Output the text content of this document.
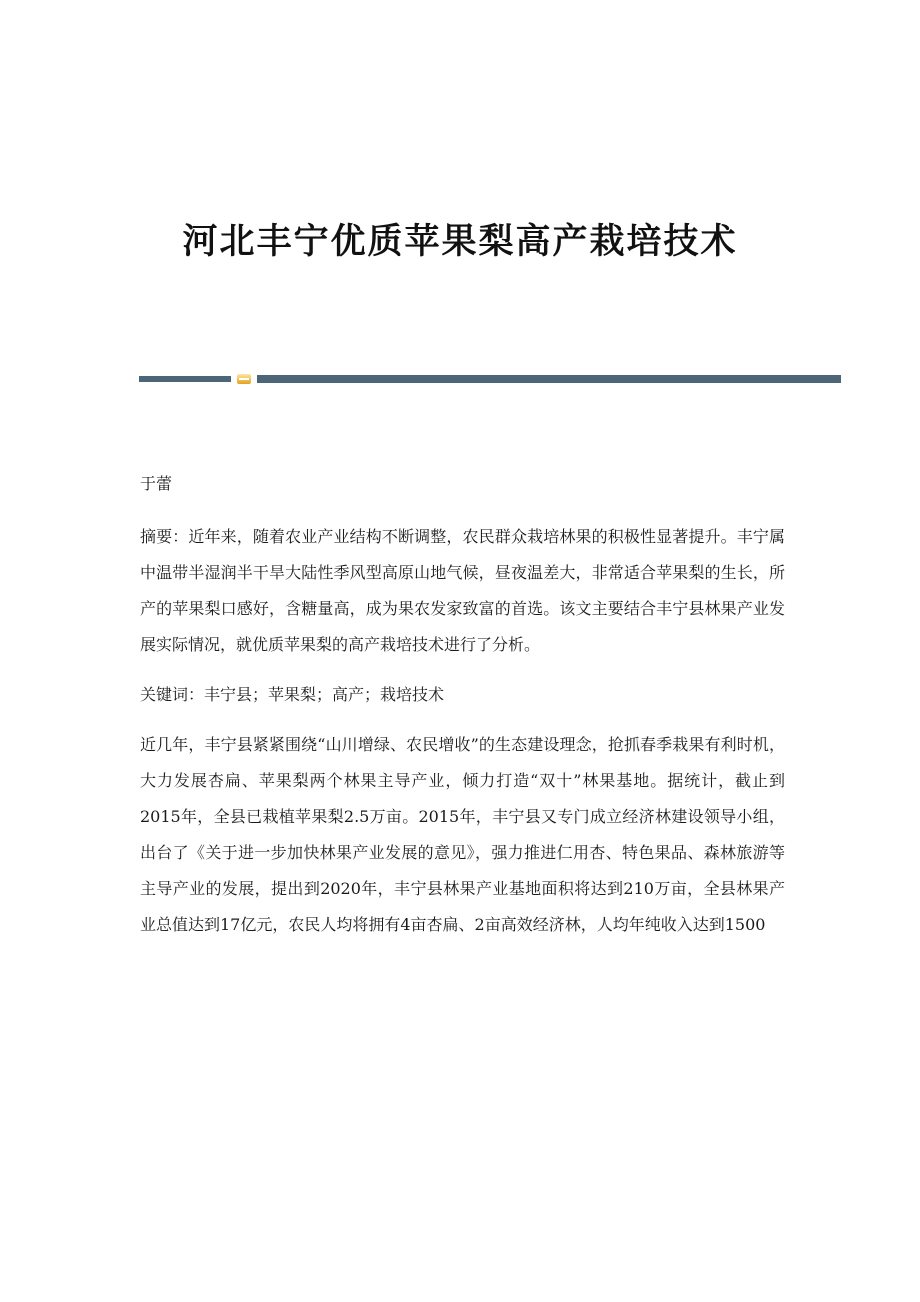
河北丰宁优质苹果梨高产栽培技术

于蕾

摘要：近年来，随着农业产业结构不断调整，农民群众栽培林果的积极性显著提升。丰宁属中温带半湿润半干旱大陆性季风型高原山地气候，昼夜温差大，非常适合苹果梨的生长，所产的苹果梨口感好，含糖量高，成为果农发家致富的首选。该文主要结合丰宁县林果产业发展实际情况，就优质苹果梨的高产栽培技术进行了分析。

关键词：丰宁县；苹果梨；高产；栽培技术

近几年，丰宁县紧紧围绕“山川增绿、农民增收”的生态建设理念，抢抓春季栽果有利时机，大力发展杏扁、苹果梨两个林果主导产业，倾力打造“双十”林果基地。据统计，截止到2015年，全县已栽植苹果梨2.5万亩。2015年，丰宁县又专门成立经济林建设领导小组，出台了《关于进一步加快林果产业发展的意见》，强力推进仁用杏、特色果品、森林旅游等主导产业的发展，提出到2020年，丰宁县林果产业基地面积将达到210万亩，全县林果产业总值达到17亿元，农民人均将拥有4亩杏扁、2亩高效经济林，人均年纯收入达到1500
